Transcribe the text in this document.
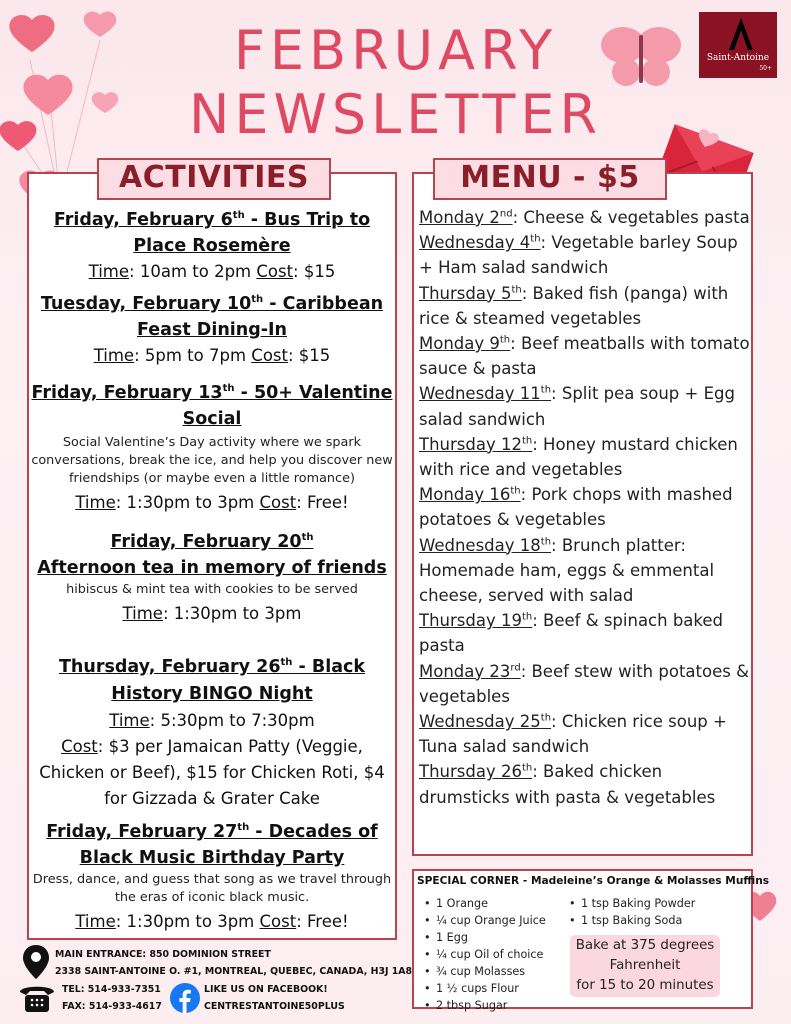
FEBRUARY
NEWSLETTER
Saint-Antoine
50+
ACTIVITIES	MENU - $5
Friday, February 6th - Bus Trip to Place Rosemère
Time: 10am to 2pm Cost: $15
Tuesday, February 10th - Caribbean Feast Dining-In
Time: 5pm to 7pm Cost: $15
Friday, February 13th - 50+ Valentine Social
Social Valentine’s Day activity where we spark conversations, break the ice, and help you discover new friendships (or maybe even a little romance)
Time: 1:30pm to 3pm Cost: Free!
Friday, February 20th
Afternoon tea in memory of friends
hibiscus & mint tea with cookies to be served
Time: 1:30pm to 3pm
Thursday, February 26th - Black History BINGO Night
Time: 5:30pm to 7:30pm
Cost: $3 per Jamaican Patty (Veggie, Chicken or Beef), $15 for Chicken Roti, $4 for Gizzada & Grater Cake
Friday, February 27th - Decades of Black Music Birthday Party
Dress, dance, and guess that song as we travel through the eras of iconic black music.
Time: 1:30pm to 3pm Cost: Free!
Monday 2nd: Cheese & vegetables pasta
Wednesday 4th: Vegetable barley Soup + Ham salad sandwich
Thursday 5th: Baked fish (panga) with rice & steamed vegetables
Monday 9th: Beef meatballs with tomato sauce & pasta
Wednesday 11th: Split pea soup + Egg salad sandwich
Thursday 12th: Honey mustard chicken with rice and vegetables
Monday 16th: Pork chops with mashed potatoes & vegetables
Wednesday 18th: Brunch platter: Homemade ham, eggs & emmental cheese, served with salad
Thursday 19th: Beef & spinach baked pasta
Monday 23rd: Beef stew with potatoes & vegetables
Wednesday 25th: Chicken rice soup + Tuna salad sandwich
Thursday 26th: Baked chicken drumsticks with pasta & vegetables
SPECIAL CORNER - Madeleine’s Orange & Molasses Muffins
• 1 Orange
• ¼ cup Orange Juice
• 1 Egg
• ¼ cup Oil of choice
• ¾ cup Molasses
• 1 ½ cups Flour
• 2 tbsp Sugar
• 1 tsp Baking Powder
• 1 tsp Baking Soda
Bake at 375 degrees
Fahrenheit
for 15 to 20 minutes
MAIN ENTRANCE: 850 DOMINION STREET
2338 SAINT-ANTOINE O. #1, MONTREAL, QUEBEC, CANADA, H3J 1A8
TEL: 514-933-7351
FAX: 514-933-4617
LIKE US ON FACEBOOK!
CENTRESTANTOINE50PLUS
